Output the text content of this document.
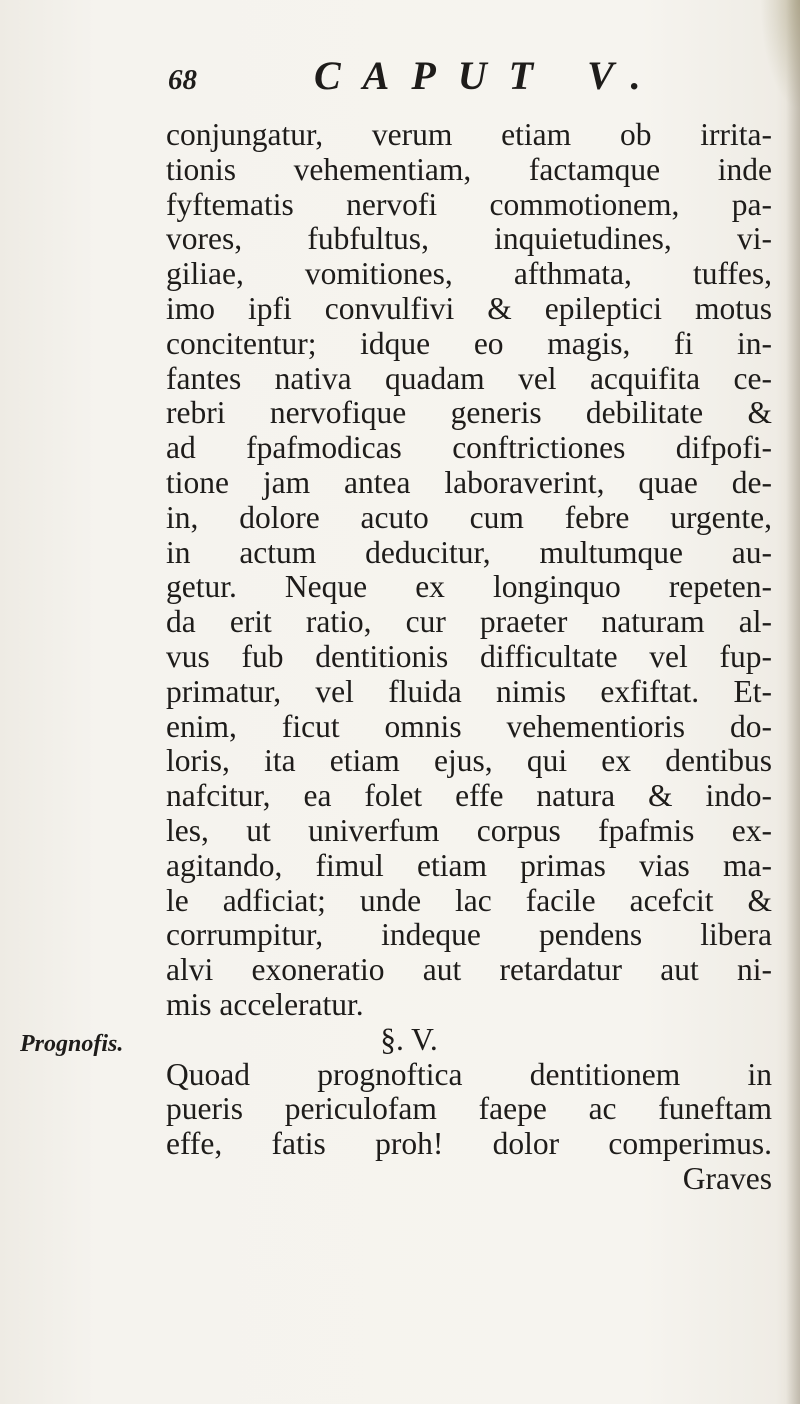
68	CAPUT V.
Prognofis.
conjungatur, verum etiam ob irrita-
tionis vehementiam, factamque inde
fyftematis nervofi commotionem, pa-
vores, fubfultus, inquietudines, vi-
giliae, vomitiones, afthmata, tuffes,
imo ipfi convulfivi & epileptici motus
concitentur; idque eo magis, fi in-
fantes nativa quadam vel acquifita ce-
rebri nervofique generis debilitate &
ad fpafmodicas conftrictiones difpofi-
tione jam antea laboraverint, quae de-
in, dolore acuto cum febre urgente,
in actum deducitur, multumque au-
getur. Neque ex longinquo repeten-
da erit ratio, cur praeter naturam al-
vus fub dentitionis difficultate vel fup-
primatur, vel fluida nimis exfiftat. Et-
enim, ficut omnis vehementioris do-
loris, ita etiam ejus, qui ex dentibus
nafcitur, ea folet effe natura & indo-
les, ut univerfum corpus fpafmis ex-
agitando, fimul etiam primas vias ma-
le adficiat; unde lac facile acefcit &
corrumpitur, indeque pendens libera
alvi exoneratio aut retardatur aut ni-
mis acceleratur.
§. V.
Quoad prognoftica dentitionem in
pueris periculofam faepe ac funeftam
effe, fatis proh! dolor comperimus.
Graves
